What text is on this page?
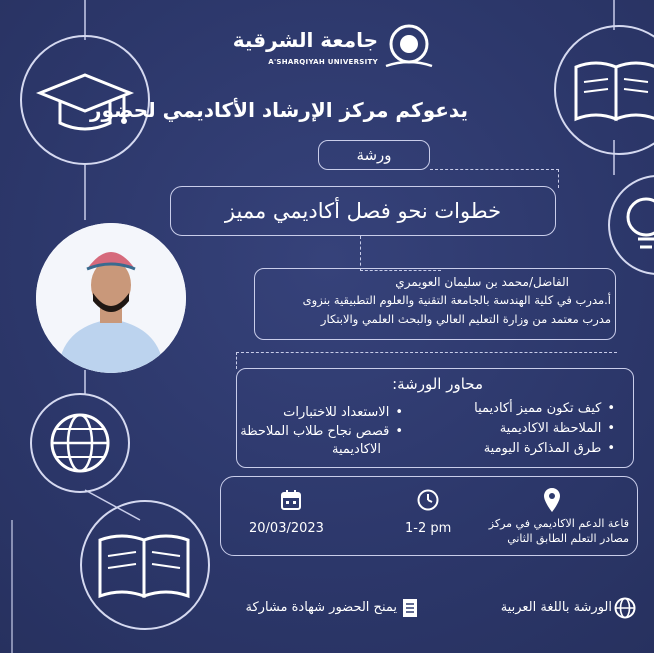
جامعة الشرقية
A'SHARQIYAH UNIVERSITY
يدعوكم مركز الإرشاد الأكاديمي لحضور
ورشة
خطوات نحو فصل أكاديمي مميز
الفاضل/محمد بن سليمان العويمري
أ.مدرب في كلية الهندسة بالجامعة التقنية والعلوم التطبيقية بنزوى
مدرب معتمد من وزارة التعليم العالي والبحث العلمي والابتكار
محاور الورشة:
• كيف تكون مميز أكاديميا
• الملاحظة الاكاديمية
• طرق المذاكرة اليومية
• الاستعداد للاختبارات
• قصص نجاح طلاب الملاحظة
الاكاديمية
قاعة الدعم الاكاديمي في مركز
مصادر التعلم الطابق الثاني
1-2 pm
20/03/2023
يمنح الحضور شهادة مشاركة	الورشة باللغة العربية
